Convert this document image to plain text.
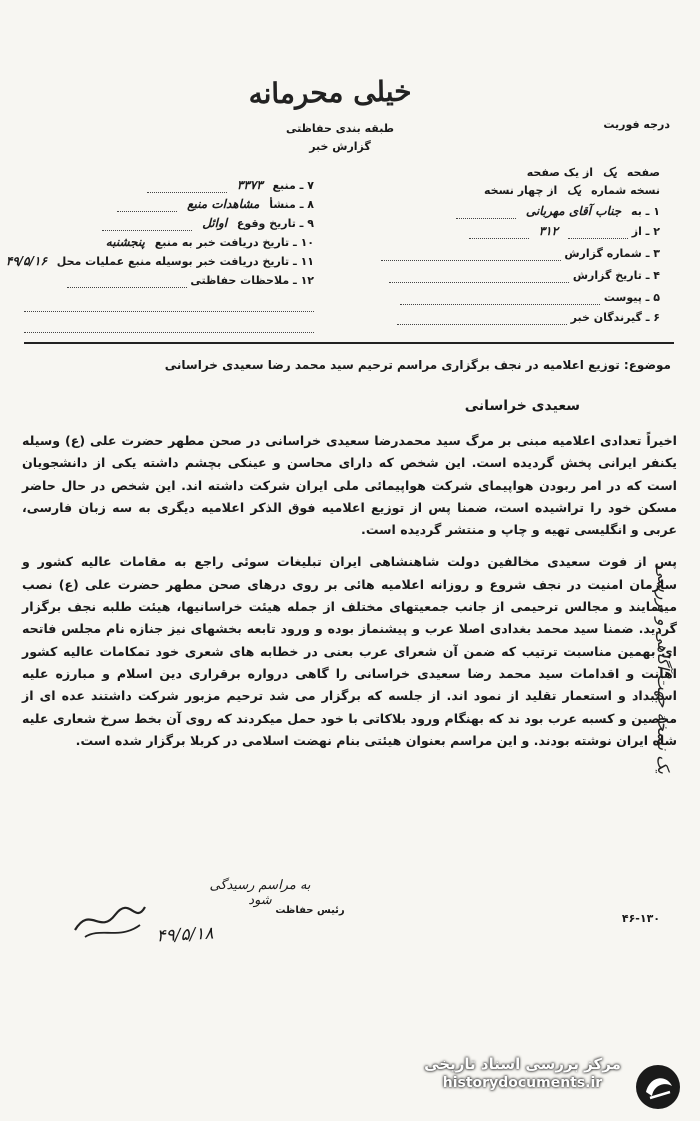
خیلی محرمانه
طبقه بندی حفاظتی
گزارش خبر
درجه فوریت
صفحه یک از یک صفحه
نسخه شماره یک از چهار نسخه
۱ ـ به جناب آقای مهربانی
۲ ـ از  ۳۱۲
۳ ـ شماره گزارش
۴ ـ تاریخ گزارش
۵ ـ پیوست
۶ ـ گیرندگان خبر
۷ ـ منبع ۳۳۷۳
۸ ـ منشأ مشاهدات منبع
۹ ـ تاریخ وقوع اوائل
۱۰ ـ تاریخ دریافت خبر به منبع پنجشنبه
۱۱ ـ تاریخ دریافت خبر بوسیله منبع عملیات محل ۴۹/۵/۱۶
۱۲ ـ ملاحظات حفاظتی
موضوع: توزیع اعلامیه در نجف برگزاری مراسم ترحیم سید محمد رضا سعیدی خراسانی
سعیدی خراسانی

اخیراً تعدادی اعلامیه مبنی بر مرگ سید محمدرضا سعیدی خراسانی در صحن مطهر حضرت علی (ع) وسیله یکنفر ایرانی پخش گردیده است. این شخص که دارای محاسن و عینکی بچشم داشته یکی از دانشجویان است که در امر ربودن هواپیمای شرکت هواپیمائی ملی ایران شرکت داشته اند. این شخص در حال حاضر مسکن خود را تراشیده است، ضمنا پس از توزیع اعلامیه فوق الذکر اعلامیه دیگری به سه زبان فارسی، عربی و انگلیسی تهیه و چاپ و منتشر گردیده است.

پس از فوت سعیدی مخالفین دولت شاهنشاهی ایران تبلیغات سوئی راجع به مقامات عالیه کشور و سازمان امنیت در نجف شروع و روزانه اعلامیه هائی بر روی درهای صحن مطهر حضرت علی (ع) نصب مینمایند و مجالس ترحیمی از جانب جمعیتهای مختلف از جمله هیئت خراسانیها، هیئت طلبه نجف برگزار گردید. ضمنا سید محمد بغدادی اصلا عرب و پیشنماز بوده و ورود تابعه بخشهای نیز جنازه نام مجلس فاتحه ای بهمین مناسبت ترتیب که ضمن آن شعرای عرب بعنی در خطابه های شعری خود تمکامات عالیه کشور اهانت و اقدامات سید محمد رضا سعیدی خراسانی را گاهی درواره برقراری دین اسلام و مبارزه علیه استبداد و استعمار تقلید از نمود اند. از جلسه که برگزار می شد ترحیم مزبور شرکت داشتند عده ای از مخصین و کسبه عرب بود ند که بهنگام ورود بلاکاتی با خود حمل میکردند که روی آن بخط سرخ شعاری علیه شاه ایران نوشته بودند. و این مراسم بعنوان هیئتی بنام نهضت اسلامی در کربلا برگزار شده است.

یک نسخه جهت آگاهی و بررسی
به مراسم رسیدگی شود
رئیس حفاظت
۴۹/۵/۱۸
۴۶-۱۳۰
مرکز بررسی اسناد تاریخی
historydocuments.ir
